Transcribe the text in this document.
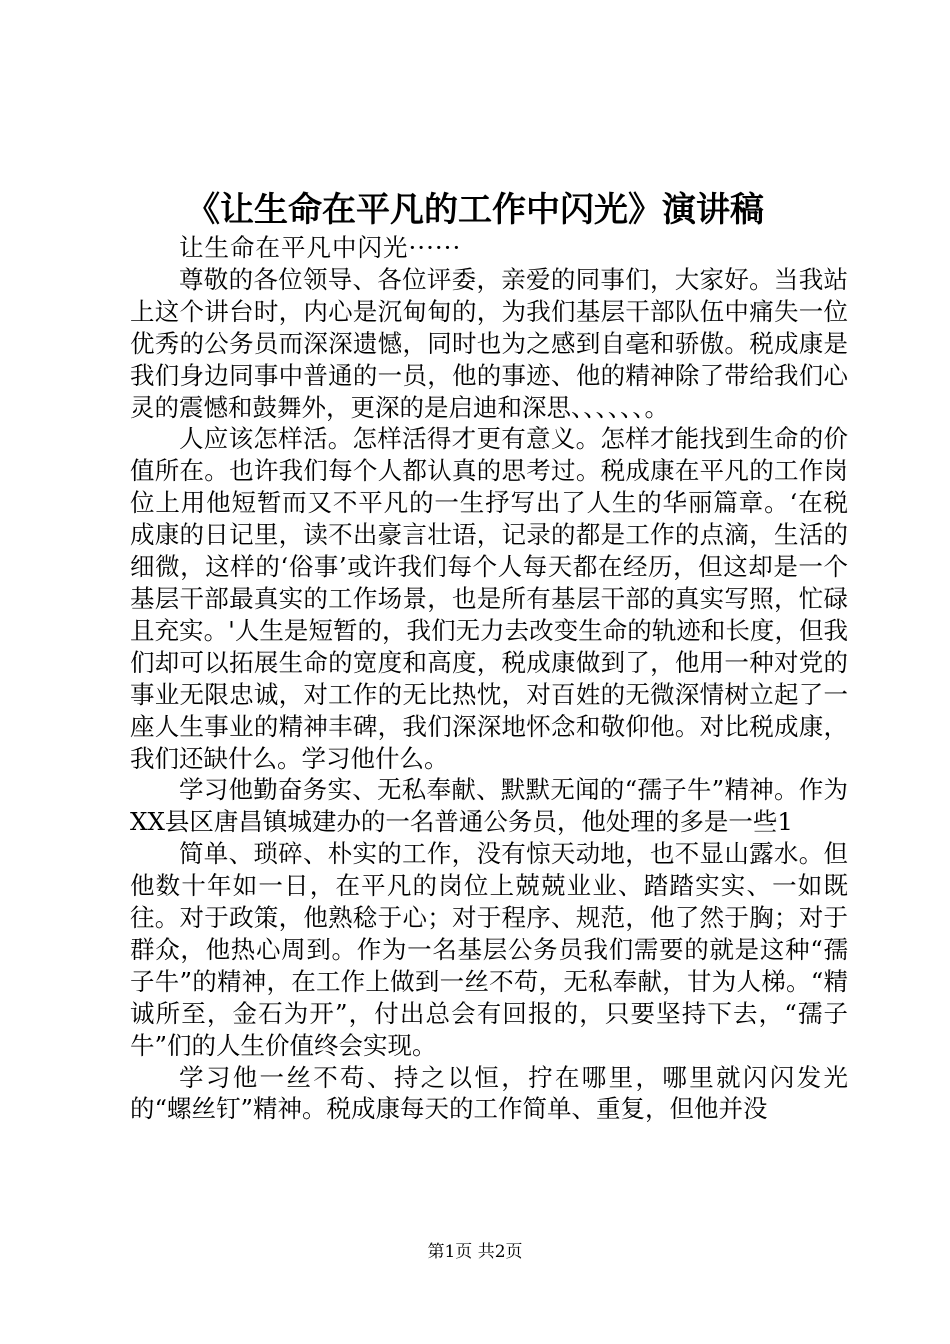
《让生命在平凡的工作中闪光》演讲稿

让生命在平凡中闪光······

尊敬的各位领导、各位评委，亲爱的同事们，大家好。当我站上这个讲台时，内心是沉甸甸的，为我们基层干部队伍中痛失一位优秀的公务员而深深遗憾，同时也为之感到自毫和骄傲。税成康是我们身边同事中普通的一员，他的事迹、他的精神除了带给我们心灵的震憾和鼓舞外，更深的是启迪和深思、、、、、、。

人应该怎样活。怎样活得才更有意义。怎样才能找到生命的价值所在。也许我们每个人都认真的思考过。税成康在平凡的工作岗位上用他短暂而又不平凡的一生抒写出了人生的华丽篇章。‘在税成康的日记里，读不出豪言壮语，记录的都是工作的点滴，生活的细微，这样的‘俗事’或许我们每个人每天都在经历，但这却是一个基层干部最真实的工作场景，也是所有基层干部的真实写照，忙碌且充实。'人生是短暂的，我们无力去改变生命的轨迹和长度，但我们却可以拓展生命的宽度和高度，税成康做到了，他用一种对党的事业无限忠诚，对工作的无比热忱，对百姓的无微深情树立起了一座人生事业的精神丰碑，我们深深地怀念和敬仰他。对比税成康，我们还缺什么。学习他什么。

学习他勤奋务实、无私奉献、默默无闻的“孺子牛”精神。作为XX县区唐昌镇城建办的一名普通公务员，他处理的多是一些1

简单、琐碎、朴实的工作，没有惊天动地，也不显山露水。但他数十年如一日，在平凡的岗位上兢兢业业、踏踏实实、一如既往。对于政策，他熟稔于心；对于程序、规范，他了然于胸；对于群众，他热心周到。作为一名基层公务员我们需要的就是这种“孺子牛”的精神，在工作上做到一丝不苟，无私奉献，甘为人梯。“精诚所至，金石为开”，付出总会有回报的，只要坚持下去，“孺子牛”们的人生价值终会实现。

学习他一丝不苟、持之以恒，拧在哪里，哪里就闪闪发光的“螺丝钉”精神。税成康每天的工作简单、重复，但他并没

第1页 共2页
